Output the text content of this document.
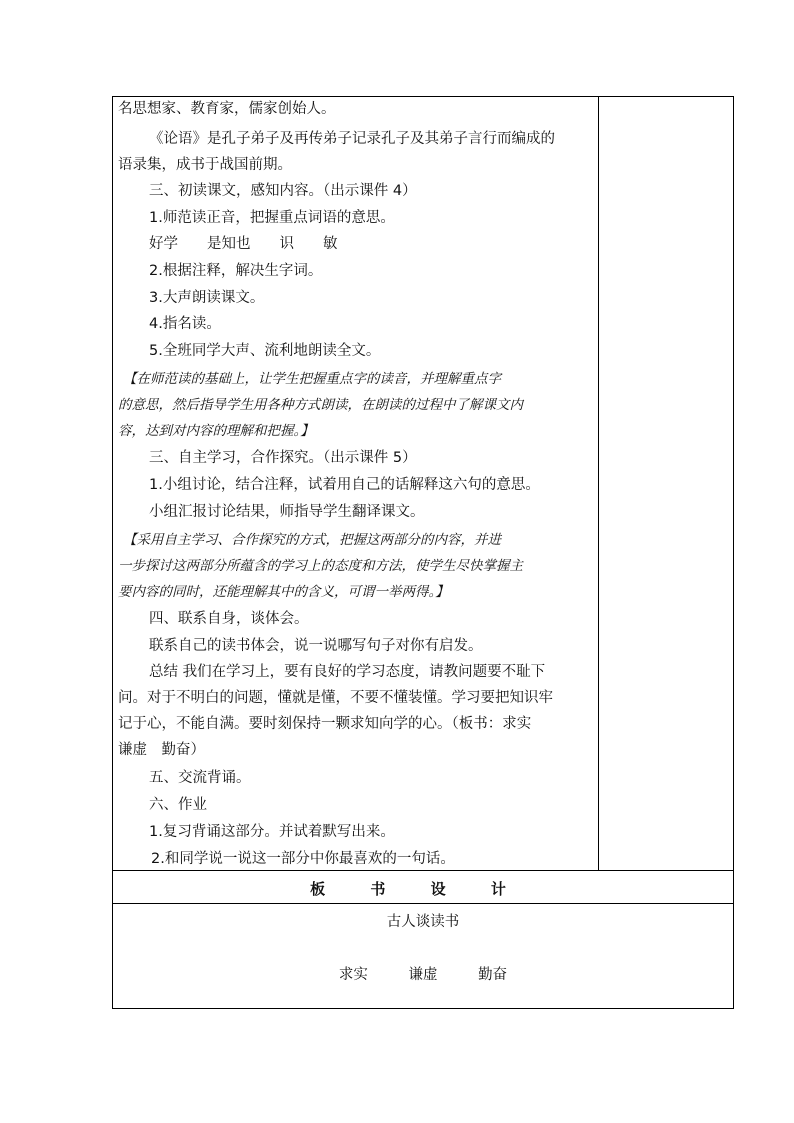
名思想家、教育家，儒家创始人。
《论语》是孔子弟子及再传弟子记录孔子及其弟子言行而编成的
语录集，成书于战国前期。
三、初读课文，感知内容。（出示课件 4）
1.师范读正音，把握重点词语的意思。
好学　　是知也　　识　　敏
2.根据注释，解决生字词。
3.大声朗读课文。
4.指名读。
5.全班同学大声、流利地朗读全文。
【在师范读的基础上，让学生把握重点字的读音，并理解重点字
的意思，然后指导学生用各种方式朗读，在朗读的过程中了解课文内
容，达到对内容的理解和把握。】
三、自主学习，合作探究。（出示课件 5）
1.小组讨论，结合注释，试着用自己的话解释这六句的意思。
小组汇报讨论结果，师指导学生翻译课文。
【采用自主学习、合作探究的方式，把握这两部分的内容，并进
一步探讨这两部分所蕴含的学习上的态度和方法，使学生尽快掌握主
要内容的同时，还能理解其中的含义，可谓一举两得。】
四、联系自身，谈体会。
联系自己的读书体会，说一说哪写句子对你有启发。
总结 我们在学习上，要有良好的学习态度，请教问题要不耻下
问。对于不明白的问题，懂就是懂，不要不懂装懂。学习要把知识牢
记于心，不能自满。要时刻保持一颗求知向学的心。（板书：求实
谦虚　勤奋）
五、交流背诵。
六、作业
1.复习背诵这部分。并试着默写出来。
2.和同学说一说这一部分中你最喜欢的一句话。
板 书 设 计
古人谈读书
求实	谦虚	勤奋
